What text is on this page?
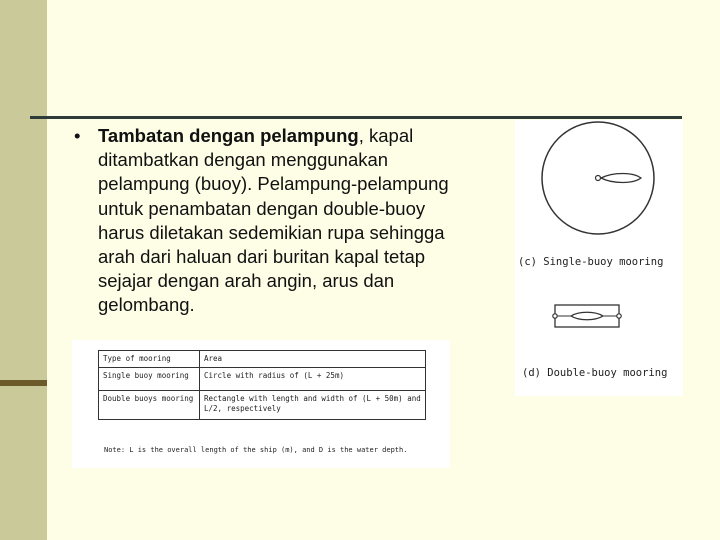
• Tambatan dengan pelampung, kapal ditambatkan dengan menggunakan pelampung (buoy). Pelampung-pelampung untuk penambatan dengan double-buoy harus diletakan sedemikian rupa sehingga arah dari haluan dari buritan kapal tetap sejajar dengan arah angin, arus dan gelombang.
Type of mooring	Area
Single buoy mooring	Circle with radius of (L + 25m)
Double buoys mooring	Rectangle with length and width of (L + 50m) and L/2, respectively
Note: L is the overall length of the ship (m), and D is the water depth.
(c) Single-buoy mooring
(d) Double-buoy mooring
